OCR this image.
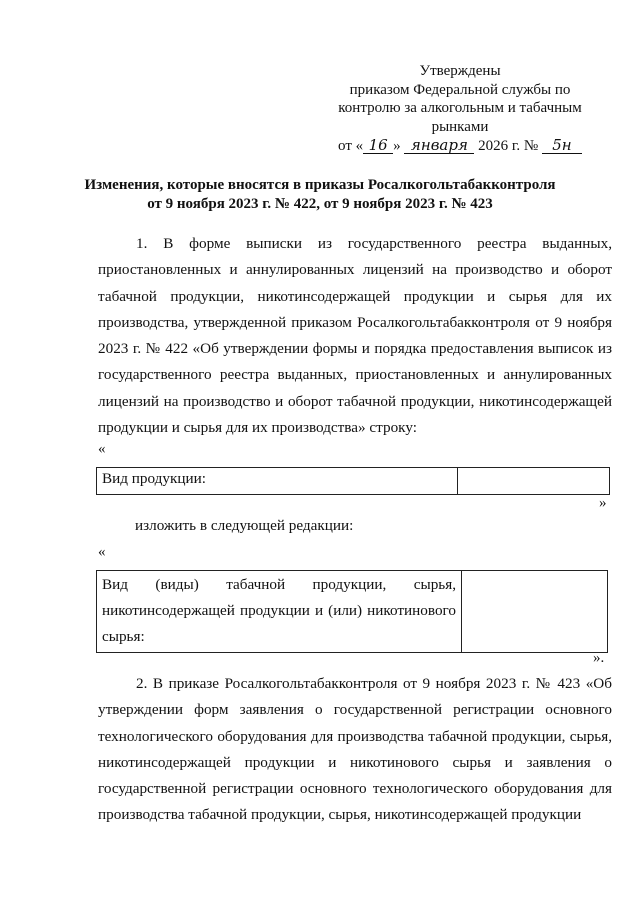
Утверждены
приказом Федеральной службы по
контролю за алкогольным и табачным
рынками
от « 16 » января 2026 г. № 5н
Изменения, которые вносятся в приказы Росалкогольтабакконтроля
от 9 ноября 2023 г. № 422, от 9 ноября 2023 г. № 423
1. В форме выписки из государственного реестра выданных, приостановленных и аннулированных лицензий на производство и оборот табачной продукции, никотинсодержащей продукции и сырья для их производства, утвержденной приказом Росалкогольтабакконтроля от 9 ноября 2023 г. № 422 «Об утверждении формы и порядка предоставления выписок из государственного реестра выданных, приостановленных и аннулированных лицензий на производство и оборот табачной продукции, никотинсодержащей продукции и сырья для их производства» строку:
«
Вид продукции:	
»
изложить в следующей редакции:
«
Вид (виды) табачной продукции, сырья,
никотинсодержащей продукции и (или) никотинового
сырья:

».
2. В приказе Росалкогольтабакконтроля от 9 ноября 2023 г. № 423 «Об утверждении форм заявления о государственной регистрации основного технологического оборудования для производства табачной продукции, сырья, никотинсодержащей продукции и никотинового сырья и заявления о государственной регистрации основного технологического оборудования для производства табачной продукции, сырья, никотинсодержащей продукции
